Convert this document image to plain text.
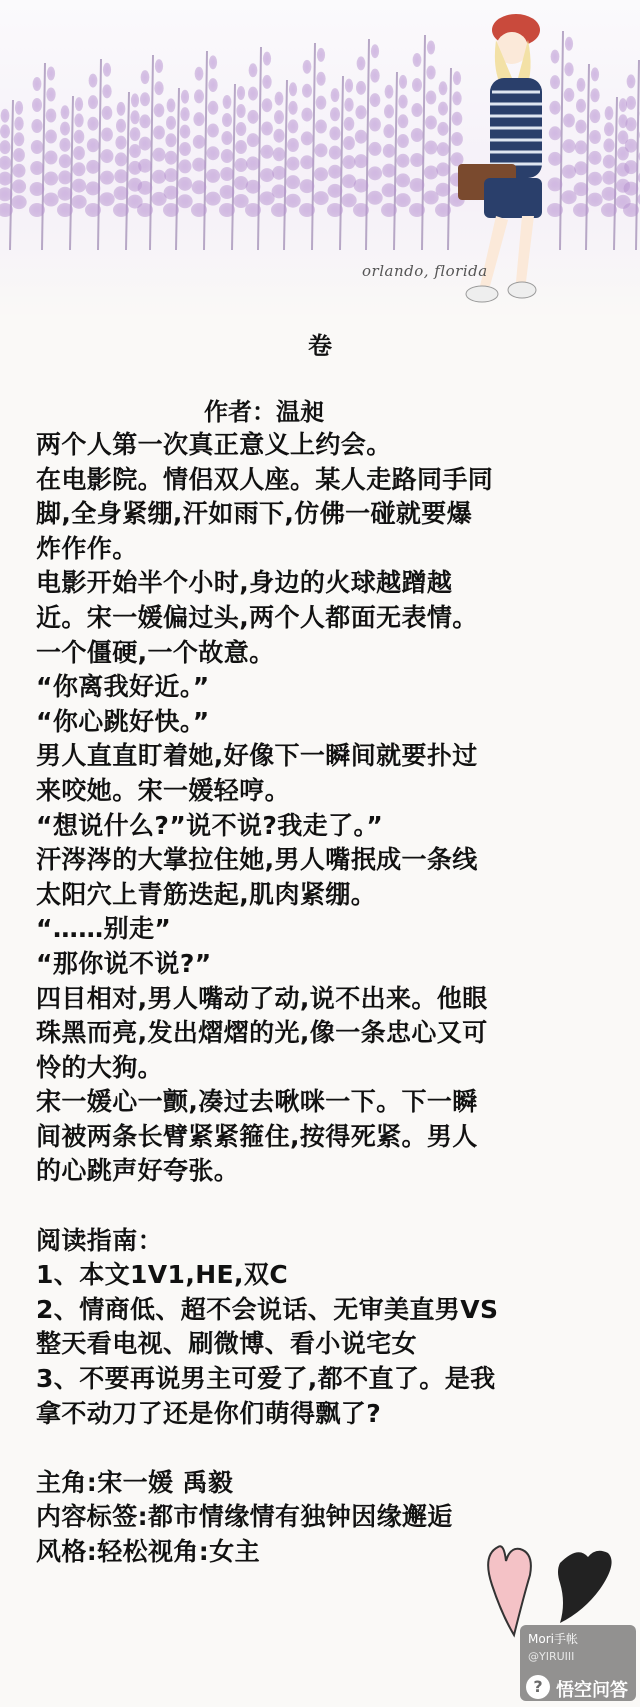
orlando, florida
卷
作者：温昶
两个人第一次真正意义上约会。
在电影院。情侣双人座。某人走路同手同
脚,全身紧绷,汗如雨下,仿佛一碰就要爆
炸作作。
电影开始半个小时,身边的火球越蹭越
近。宋一媛偏过头,两个人都面无表情。
一个僵硬,一个故意。
“你离我好近。”
“你心跳好快。”
男人直直盯着她,好像下一瞬间就要扑过
来咬她。宋一媛轻哼。
“想说什么?”说不说?我走了。”
汗涔涔的大掌拉住她,男人嘴抿成一条线
太阳穴上青筋迭起,肌肉紧绷。
“……别走”
“那你说不说?”
四目相对,男人嘴动了动,说不出来。他眼
珠黑而亮,发出熠熠的光,像一条忠心又可
怜的大狗。
宋一媛心一颤,凑过去啾咪一下。下一瞬
间被两条长臂紧紧箍住,按得死紧。男人
的心跳声好夸张。
阅读指南：
1、本文1V1,HE,双C
2、情商低、超不会说话、无审美直男VS
整天看电视、刷微博、看小说宅女
3、不要再说男主可爱了,都不直了。是我
拿不动刀了还是你们萌得飘了?
主角:宋一媛 禹毅
内容标签:都市情缘情有独钟因缘邂逅
风格:轻松视角:女主
Mori手帐
@YIRUIII
? 悟空问答
